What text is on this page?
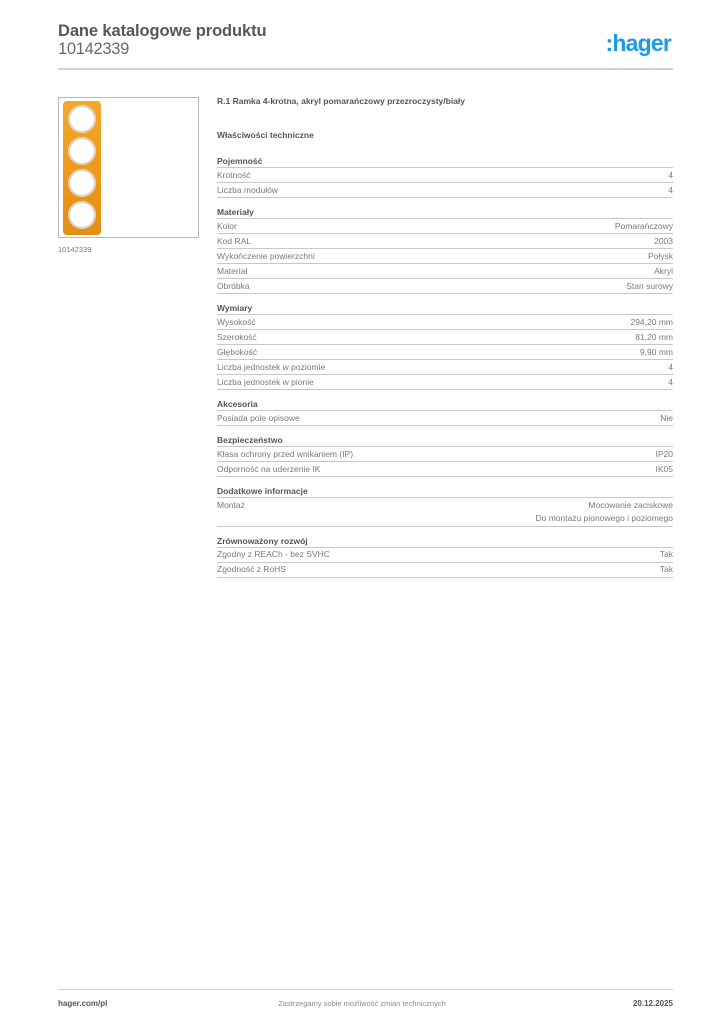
Dane katalogowe produktu
10142339	:hager
10142339
R.1 Ramka 4-krotna, akryl pomarańczowy przezroczysty/biały
Właściwości techniczne
Pojemność
Krotność	4
Liczba modułów	4
Materiały
Kolor	Pomarańczowy
Kod RAL	2003
Wykończenie powierzchni	Połysk
Materiał	Akryl
Obróbka	Stan surowy
Wymiary
Wysokość	294,20 mm
Szerokość	81,20 mm
Głębokość	9,90 mm
Liczba jednostek w poziomie	4
Liczba jednostek w pionie	4
Akcesoria
Posiada pole opisowe	Nie
Bezpieczeństwo
Klasa ochrony przed wnikaniem (IP)	IP20
Odporność na uderzenie IK	IK05
Dodatkowe informacje
Montaż	Mocowanie zaciskowe
Do montażu pionowego i poziomego
Zrównoważony rozwój
Zgodny z REACh - bez SVHC	Tak
Zgodność z RoHS	Tak
hager.com/pl	Zastrzegamy sobie możliwość zmian technicznych	20.12.2025
